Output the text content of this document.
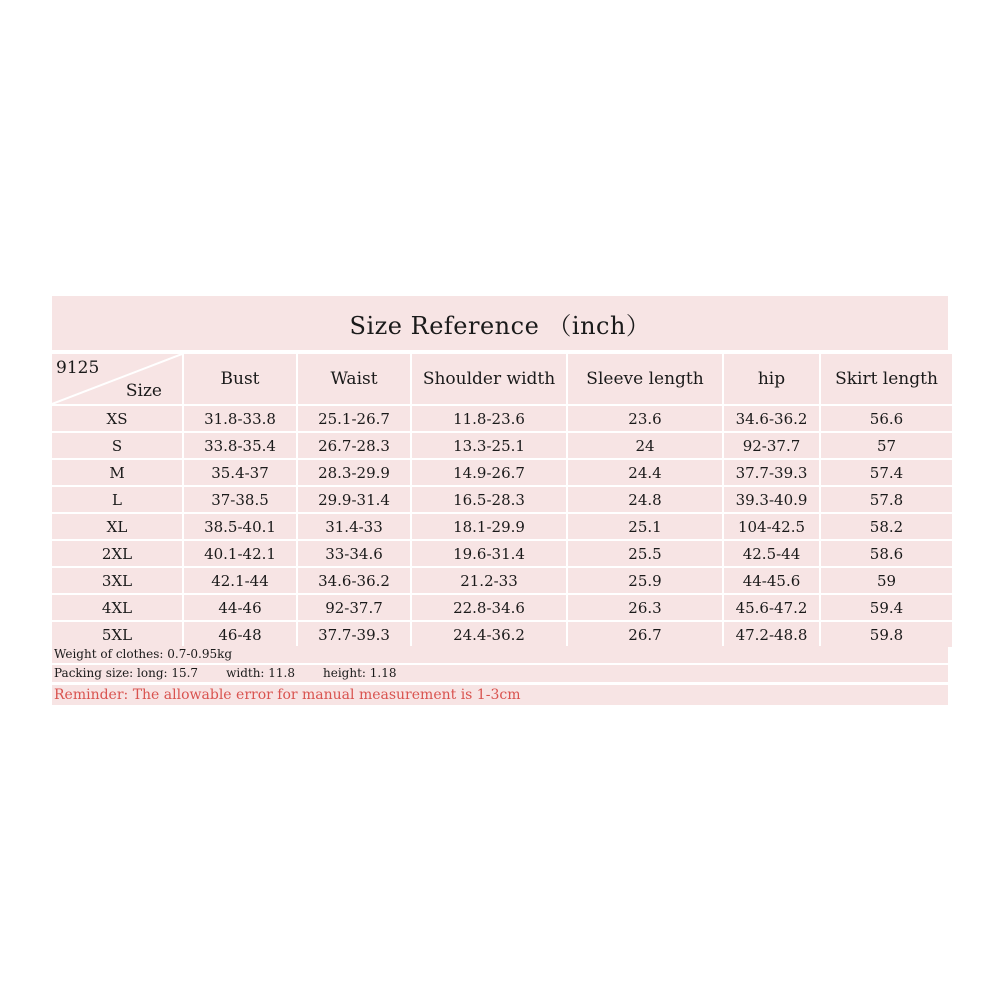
Size Reference （inch）
9125
Size	Bust	Waist	Shoulder width	Sleeve length	hip	Skirt length
XS	31.8-33.8	25.1-26.7	11.8-23.6	23.6	34.6-36.2	56.6
S	33.8-35.4	26.7-28.3	13.3-25.1	24	92-37.7	57
M	35.4-37	28.3-29.9	14.9-26.7	24.4	37.7-39.3	57.4
L	37-38.5	29.9-31.4	16.5-28.3	24.8	39.3-40.9	57.8
XL	38.5-40.1	31.4-33	18.1-29.9	25.1	104-42.5	58.2
2XL	40.1-42.1	33-34.6	19.6-31.4	25.5	42.5-44	58.6
3XL	42.1-44	34.6-36.2	21.2-33	25.9	44-45.6	59
4XL	44-46	92-37.7	22.8-34.6	26.3	45.6-47.2	59.4
5XL	46-48	37.7-39.3	24.4-36.2	26.7	47.2-48.8	59.8
Weight of clothes: 0.7-0.95kg
Packing size: long: 15.7 width: 11.8 height: 1.18
Reminder: The allowable error for manual measurement is 1-3cm
